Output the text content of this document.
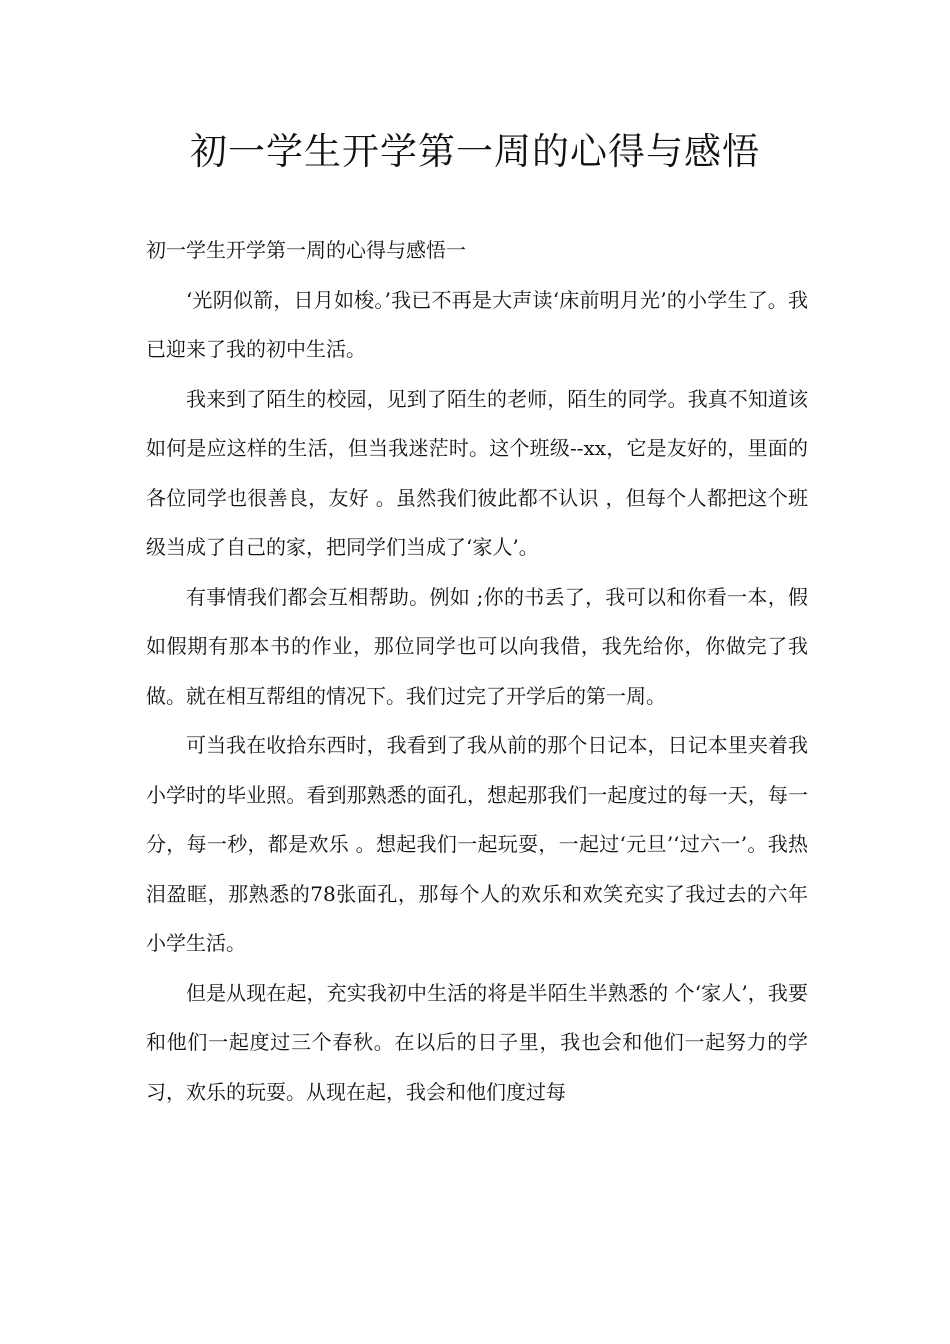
初一学生开学第一周的心得与感悟

初一学生开学第一周的心得与感悟一

‘光阴似箭，日月如梭。’我已不再是大声读‘床前明月光’的小学生了。我已迎来了我的初中生活。

我来到了陌生的校园，见到了陌生的老师，陌生的同学。我真不知道该如何是应这样的生活，但当我迷茫时。这个班级--xx，它是友好的，里面的各位同学也很善良，友好 。虽然我们彼此都不认识 ，但每个人都把这个班级当成了自己的家，把同学们当成了‘家人’。

有事情我们都会互相帮助。例如 ;你的书丢了，我可以和你看一本，假如假期有那本书的作业，那位同学也可以向我借，我先给你，你做完了我做。就在相互帮组的情况下。我们过完了开学后的第一周。

可当我在收拾东西时，我看到了我从前的那个日记本，日记本里夹着我小学时的毕业照。看到那熟悉的面孔，想起那我们一起度过的每一天，每一分，每一秒，都是欢乐 。想起我们一起玩耍，一起过‘元旦’‘过六一’。我热泪盈眶，那熟悉的78张面孔，那每个人的欢乐和欢笑充实了我过去的六年小学生活。

但是从现在起，充实我初中生活的将是半陌生半熟悉的 个‘家人’，我要和他们一起度过三个春秋。在以后的日子里，我也会和他们一起努力的学习，欢乐的玩耍。从现在起，我会和他们度过每
